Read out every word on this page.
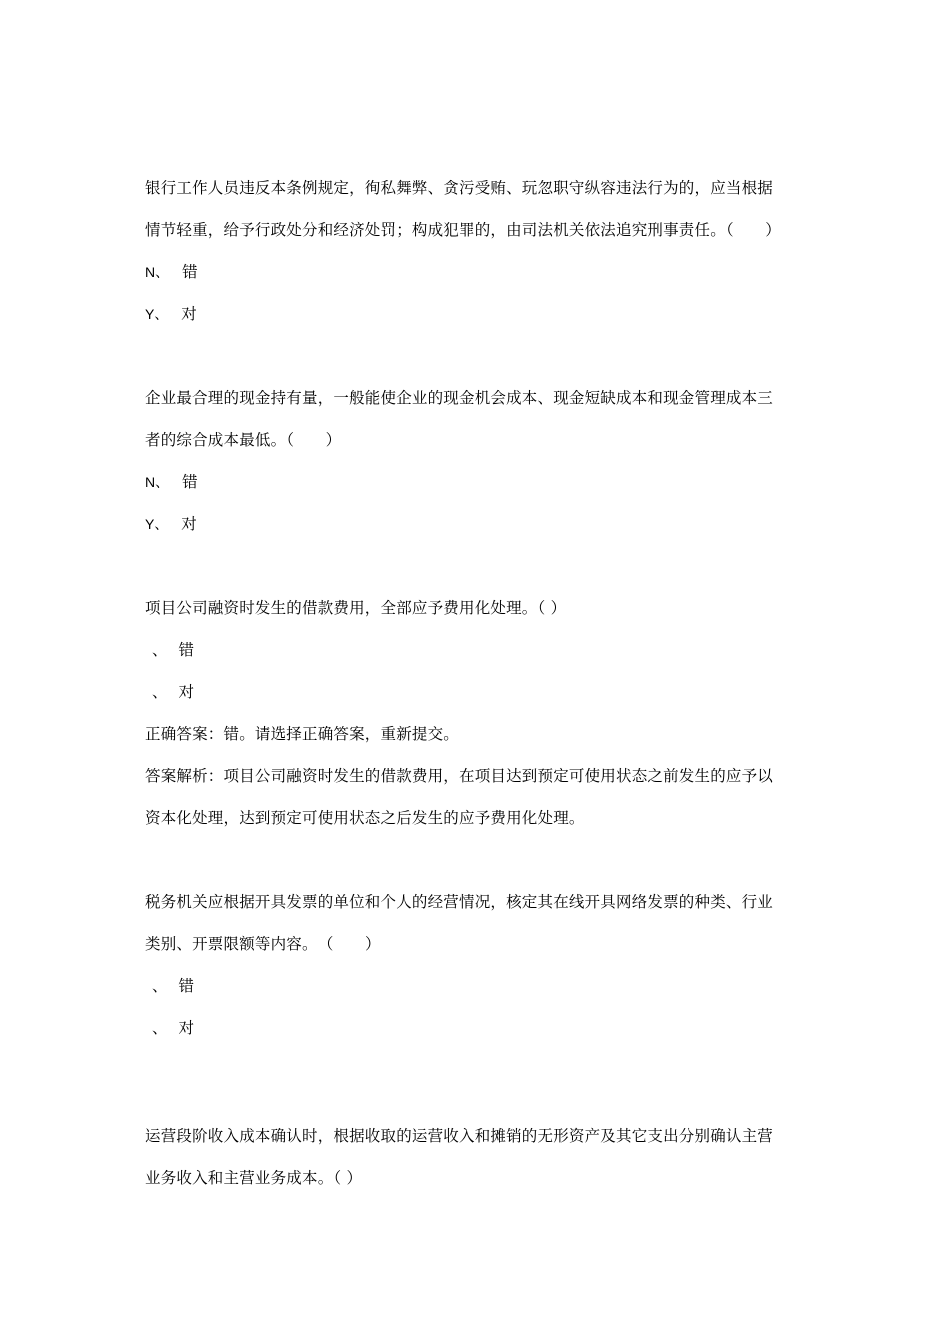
银行工作人员违反本条例规定，徇私舞弊、贪污受贿、玩忽职守纵容违法行为的，应当根据
情节轻重，给予行政处分和经济处罚；构成犯罪的，由司法机关依法追究刑事责任。（　　）
N、 错
Y、 对
企业最合理的现金持有量，一般能使企业的现金机会成本、现金短缺成本和现金管理成本三
者的综合成本最低。（　　）
N、 错
Y、 对
项目公司融资时发生的借款费用，全部应予费用化处理。（ ）
、 错
、 对
正确答案：错。请选择正确答案，重新提交。
答案解析：项目公司融资时发生的借款费用，在项目达到预定可使用状态之前发生的应予以
资本化处理，达到预定可使用状态之后发生的应予费用化处理。
税务机关应根据开具发票的单位和个人的经营情况，核定其在线开具网络发票的种类、行业
类别、开票限额等内容。　（　　）
、 错
、 对
运营段阶收入成本确认时，根据收取的运营收入和摊销的无形资产及其它支出分别确认主营
业务收入和主营业务成本。（ ）
